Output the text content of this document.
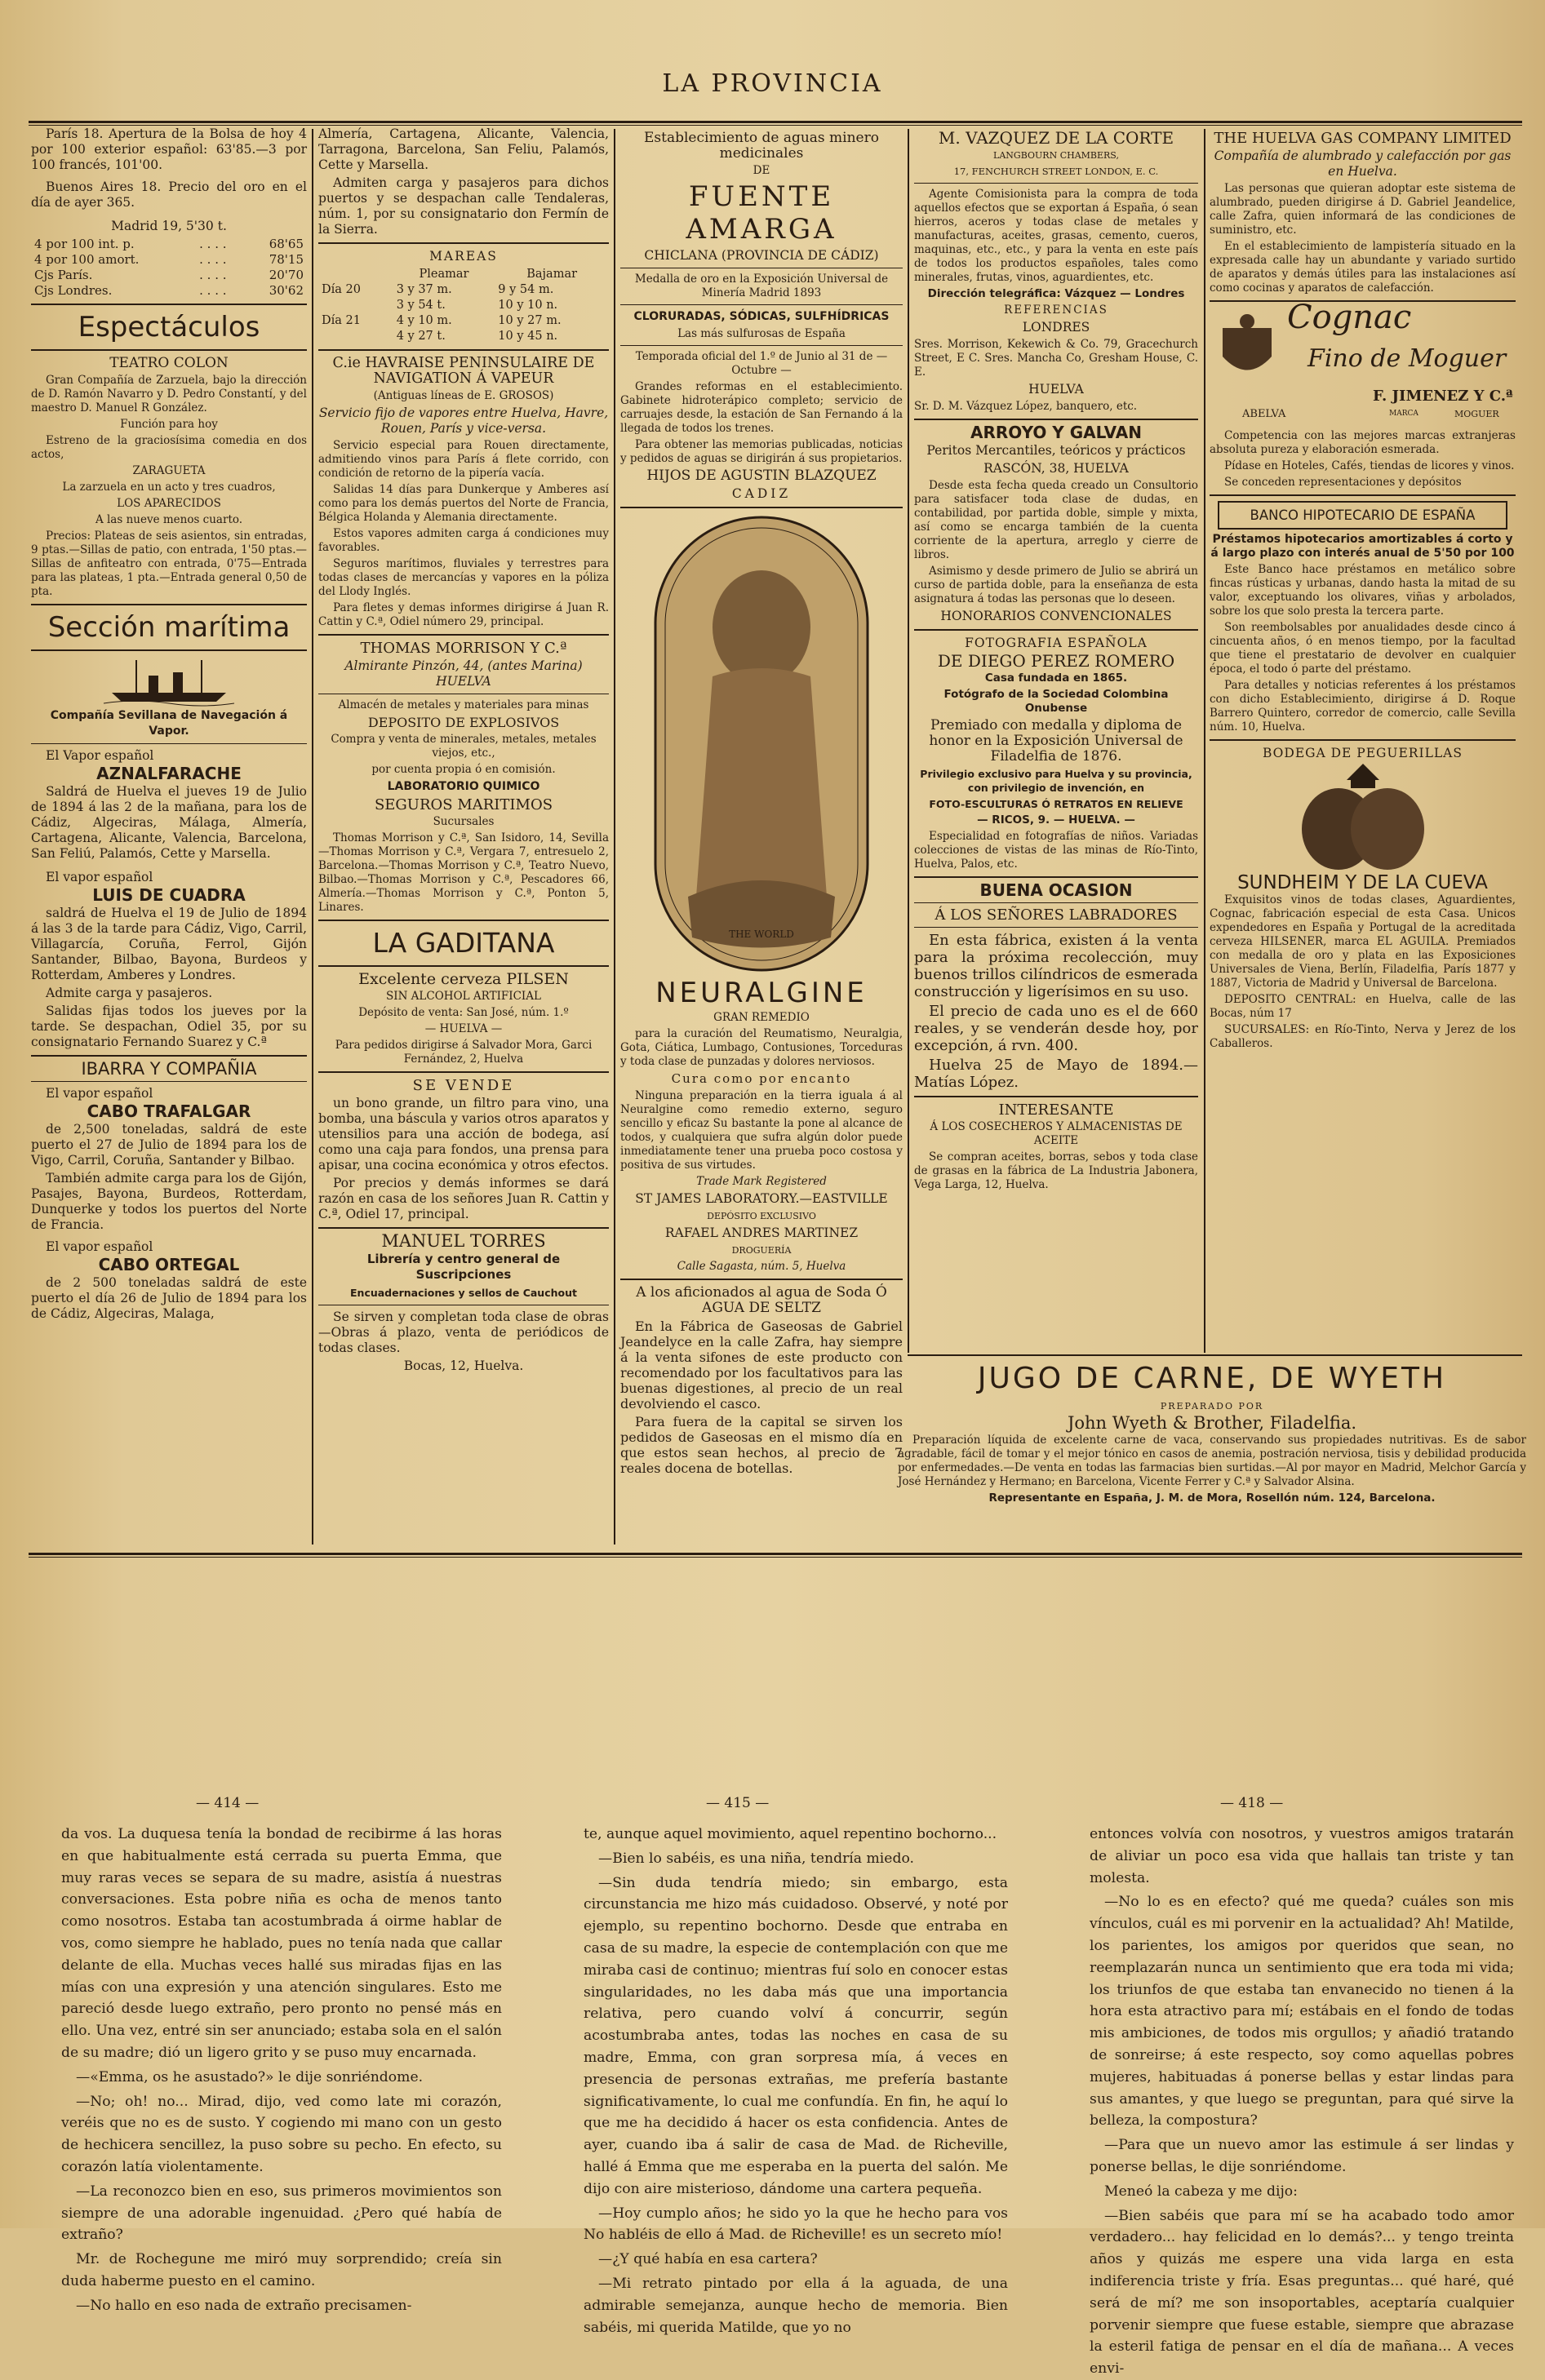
LA PROVINCIA

París 18. Apertura de la Bolsa de hoy 4 por 100 exterior español: 63'85.—3 por 100 francés, 101'00.

Buenos Aires 18. Precio del oro en el día de ayer 365.

Madrid 19, 5'30 t.

4 por 100 int. p.	. . . .	68'65
4 por 100 amort.	. . . .	78'15
Cjs París.	. . . .	20'70
Cjs Londres.	. . . .	30'62
Espectáculos

TEATRO COLON

Gran Compañía de Zarzuela, bajo la dirección de D. Ramón Navarro y D. Pedro Constantí, y del maestro D. Manuel R González.

Función para hoy

Estreno de la graciosísima comedia en dos actos,

ZARAGUETA

La zarzuela en un acto y tres cuadros,

LOS APARECIDOS

A las nueve menos cuarto.

Precios: Plateas de seis asientos, sin entradas, 9 ptas.—Sillas de patio, con entrada, 1'50 ptas.—Sillas de anfiteatro con entrada, 0'75—Entrada para las plateas, 1 pta.—Entrada general 0,50 de pta.

Sección marítima

Compañía Sevillana de Navegación á Vapor.

El Vapor español

AZNALFARACHE

Saldrá de Huelva el jueves 19 de Julio de 1894 á las 2 de la mañana, para los de Cádiz, Algeciras, Málaga, Almería, Cartagena, Alicante, Valencia, Barcelona, San Feliú, Palamós, Cette y Marsella.

El vapor español

LUIS DE CUADRA

saldrá de Huelva el 19 de Julio de 1894 á las 3 de la tarde para Cádiz, Vigo, Carril, Villagarcía, Coruña, Ferrol, Gijón Santander, Bilbao, Bayona, Burdeos y Rotterdam, Amberes y Londres.

Admite carga y pasajeros.

Salidas fijas todos los jueves por la tarde. Se despachan, Odiel 35, por su consignatario Fernando Suarez y C.ª

IBARRA Y COMPAÑIA

El vapor español

CABO TRAFALGAR

de 2,500 toneladas, saldrá de este puerto el 27 de Julio de 1894 para los de Vigo, Carril, Coruña, Santander y Bilbao.

También admite carga para los de Gijón, Pasajes, Bayona, Burdeos, Rotterdam, Dunquerke y todos los puertos del Norte de Francia.

El vapor español

CABO ORTEGAL

de 2 500 toneladas saldrá de este puerto el día 26 de Julio de 1894 para los de Cádiz, Algeciras, Malaga,

Almería, Cartagena, Alicante, Valencia, Tarragona, Barcelona, San Feliu, Palamós, Cette y Marsella.

Admiten carga y pasajeros para dichos puertos y se despachan calle Tendaleras, núm. 1, por su consignatario don Fermín de la Sierra.

MAREAS

	Pleamar	Bajamar
Día 20	3 y 37 m.	9 y 54 m.
	3 y 54 t.	10 y 10 n.
Día 21	4 y 10 m.	10 y 27 m.
	4 y 27 t.	10 y 45 n.

C.ie HAVRAISE PENINSULAIRE DE NAVIGATION Á VAPEUR

(Antiguas líneas de E. GROSOS)

Servicio fijo de vapores entre Huelva, Havre, Rouen, París y vice-versa.

Servicio especial para Rouen directamente, admitiendo vinos para París á flete corrido, con condición de retorno de la pipería vacía.

Salidas 14 días para Dunkerque y Amberes así como para los demás puertos del Norte de Francia, Bélgica Holanda y Alemania directamente.

Estos vapores admiten carga á condiciones muy favorables.

Seguros marítimos, fluviales y terrestres para todas clases de mercancías y vapores en la póliza del Llody Inglés.

Para fletes y demas informes dirigirse á Juan R. Cattin y C.ª, Odiel número 29, principal.

THOMAS MORRISON Y C.ª

Almirante Pinzón, 44, (antes Marina) HUELVA

Almacén de metales y materiales para minas

DEPOSITO DE EXPLOSIVOS

Compra y venta de minerales, metales, metales viejos, etc.,

por cuenta propia ó en comisión.

LABORATORIO QUIMICO

SEGUROS MARITIMOS

Sucursales

Thomas Morrison y C.ª, San Isidoro, 14, Sevilla—Thomas Morrison y C.ª, Vergara 7, entresuelo 2, Barcelona.—Thomas Morrison y C.ª, Teatro Nuevo, Bilbao.—Thomas Morrison y C.ª, Pescadores 66, Almería.—Thomas Morrison y C.ª, Ponton 5, Linares.

LA GADITANA

Excelente cerveza PILSEN

SIN ALCOHOL ARTIFICIAL

Depósito de venta: San José, núm. 1.º

— HUELVA —

Para pedidos dirigirse á Salvador Mora, Garci Fernández, 2, Huelva

SE VENDE

un bono grande, un filtro para vino, una bomba, una báscula y varios otros aparatos y utensilios para una acción de bodega, así como una caja para fondos, una prensa para apisar, una cocina económica y otros efectos.

Por precios y demás informes se dará razón en casa de los señores Juan R. Cattin y C.ª, Odiel 17, principal.

MANUEL TORRES

Librería y centro general de Suscripciones

Encuadernaciones y sellos de Cauchout

Se sirven y completan toda clase de obras —Obras á plazo, venta de periódicos de todas clases.

Bocas, 12, Huelva.

Establecimiento de aguas minero medicinales

DE

FUENTE AMARGA

CHICLANA (PROVINCIA DE CÁDIZ)

Medalla de oro en la Exposición Universal de Minería Madrid 1893

CLORURADAS, SÓDICAS, SULFHÍDRICAS

Las más sulfurosas de España

Temporada oficial del 1.º de Junio al 31 de — Octubre —

Grandes reformas en el establecimiento. Gabinete hidroterápico completo; servicio de carruajes desde, la estación de San Fernando á la llegada de todos los trenes.

Para obtener las memorias publicadas, noticias y pedidos de aguas se dirigirán á sus propietarios.

HIJOS DE AGUSTIN BLAZQUEZ

CADIZ

THE WORLD

NEURALGINE

GRAN REMEDIO

para la curación del Reumatismo, Neuralgia, Gota, Ciática, Lumbago, Contusiones, Torceduras y toda clase de punzadas y dolores nerviosos.

Cura como por encanto

Ninguna preparación en la tierra iguala á al Neuralgine como remedio externo, seguro sencillo y eficaz Su bastante la pone al alcance de todos, y cualquiera que sufra algún dolor puede inmediatamente tener una prueba poco costosa y positiva de sus virtudes.

Trade Mark Registered

ST JAMES LABORATORY.—EASTVILLE

DEPÓSITO EXCLUSIVO

RAFAEL ANDRES MARTINEZ

DROGUERÍA

Calle Sagasta, núm. 5, Huelva

A los aficionados al agua de Soda Ó AGUA DE SELTZ

En la Fábrica de Gaseosas de Gabriel Jeandelyce en la calle Zafra, hay siempre á la venta sifones de este producto con recomendado por los facultativos para las buenas digestiones, al precio de un real devolviendo el casco.

Para fuera de la capital se sirven los pedidos de Gaseosas en el mismo día en que estos sean hechos, al precio de 7 reales docena de botellas.

M. VAZQUEZ DE LA CORTE

LANGBOURN CHAMBERS,

17, FENCHURCH STREET LONDON, E. C.

Agente Comisionista para la compra de toda aquellos efectos que se exportan á España, ó sean hierros, aceros y todas clase de metales y manufacturas, aceites, grasas, cemento, cueros, maquinas, etc., etc., y para la venta en este país de todos los productos españoles, tales como minerales, frutas, vinos, aguardientes, etc.

Dirección telegráfica: Vázquez — Londres

REFERENCIAS

LONDRES

Sres. Morrison, Kekewich & Co. 79, Gracechurch Street, E C. Sres. Mancha Co, Gresham House, C. E.

HUELVA

Sr. D. M. Vázquez López, banquero, etc.

ARROYO Y GALVAN

Peritos Mercantiles, teóricos y prácticos

RASCÓN, 38, HUELVA

Desde esta fecha queda creado un Consultorio para satisfacer toda clase de dudas, en contabilidad, por partida doble, simple y mixta, así como se encarga también de la cuenta corriente de la apertura, arreglo y cierre de libros.

Asimismo y desde primero de Julio se abrirá un curso de partida doble, para la enseñanza de esta asignatura á todas las personas que lo deseen.

HONORARIOS CONVENCIONALES

FOTOGRAFIA ESPAÑOLA

DE DIEGO PEREZ ROMERO

Casa fundada en 1865.

Fotógrafo de la Sociedad Colombina Onubense

Premiado con medalla y diploma de honor en la Exposición Universal de Filadelfia de 1876.

Privilegio exclusivo para Huelva y su provincia, con privilegio de invención, en

FOTO-ESCULTURAS Ó RETRATOS EN RELIEVE

— RICOS, 9. — HUELVA. —

Especialidad en fotografías de niños. Variadas colecciones de vistas de las minas de Río-Tinto, Huelva, Palos, etc.

BUENA OCASION

Á LOS SEÑORES LABRADORES

En esta fábrica, existen á la venta para la próxima recolección, muy buenos trillos cilíndricos de esmerada construcción y ligerísimos en su uso.

El precio de cada uno es el de 660 reales, y se venderán desde hoy, por excepción, á rvn. 400.

Huelva 25 de Mayo de 1894.—Matías López.

INTERESANTE

Á LOS COSECHEROS Y ALMACENISTAS DE ACEITE

Se compran aceites, borras, sebos y toda clase de grasas en la fábrica de La Industria Jabonera, Vega Larga, 12, Huelva.

THE HUELVA GAS COMPANY LIMITED

Compañía de alumbrado y calefacción por gas en Huelva.

Las personas que quieran adoptar este sistema de alumbrado, pueden dirigirse á D. Gabriel Jeandelice, calle Zafra, quien informará de las condiciones de suministro, etc.

En el establecimiento de lampistería situado en la expresada calle hay un abundante y variado surtido de aparatos y demás útiles para las instalaciones así como cocinas y aparatos de calefacción.

Cognac
Fino de Moguer
F. JIMENEZ Y C.ª
MARCA
ABELVA	MOGUER

Competencia con las mejores marcas extranjeras absoluta pureza y elaboración esmerada.

Pídase en Hoteles, Cafés, tiendas de licores y vinos.

Se conceden representaciones y depósitos

BANCO HIPOTECARIO DE ESPAÑA

Préstamos hipotecarios amortizables á corto y á largo plazo con interés anual de 5'50 por 100

Este Banco hace préstamos en metálico sobre fincas rústicas y urbanas, dando hasta la mitad de su valor, exceptuando los olivares, viñas y arbolados, sobre los que solo presta la tercera parte.

Son reembolsables por anualidades desde cinco á cincuenta años, ó en menos tiempo, por la facultad que tiene el prestatario de devolver en cualquier época, el todo ó parte del préstamo.

Para detalles y noticias referentes á los préstamos con dicho Establecimiento, dirigirse á D. Roque Barrero Quintero, corredor de comercio, calle Sevilla núm. 10, Huelva.

BODEGA DE PEGUERILLAS

SUNDHEIM Y DE LA CUEVA

Exquisitos vinos de todas clases, Aguardientes, Cognac, fabricación especial de esta Casa. Unicos expendedores en España y Portugal de la acreditada cerveza HILSENER, marca EL AGUILA. Premiados con medalla de oro y plata en las Exposiciones Universales de Viena, Berlín, Filadelfia, París 1877 y 1887, Victoria de Madrid y Universal de Barcelona.

DEPOSITO CENTRAL: en Huelva, calle de las Bocas, núm 17

SUCURSALES: en Río-Tinto, Nerva y Jerez de los Caballeros.

JUGO DE CARNE, DE WYETH

PREPARADO POR

John Wyeth & Brother, Filadelfia.

Preparación líquida de excelente carne de vaca, conservando sus propiedades nutritivas. Es de sabor agradable, fácil de tomar y el mejor tónico en casos de anemia, postración nerviosa, tisis y debilidad producida por enfermedades.—De venta en todas las farmacias bien surtidas.—Al por mayor en Madrid, Melchor García y José Hernández y Hermano; en Barcelona, Vicente Ferrer y C.ª y Salvador Alsina.

Representante en España, J. M. de Mora, Rosellón núm. 124, Barcelona.

— 414 —	— 415 —	— 418 —

da vos. La duquesa tenía la bondad de recibirme á las horas en que habitualmente está cerrada su puerta Emma, que muy raras veces se separa de su madre, asistía á nuestras conversaciones. Esta pobre niña es ocha de menos tanto como nosotros. Estaba tan acostumbrada á oirme hablar de vos, como siempre he hablado, pues no tenía nada que callar delante de ella. Muchas veces hallé sus miradas fijas en las mías con una expresión y una atención singulares. Esto me pareció desde luego extraño, pero pronto no pensé más en ello. Una vez, entré sin ser anunciado; estaba sola en el salón de su madre; dió un ligero grito y se puso muy encarnada.

—«Emma, os he asustado?» le dije sonriéndome.

—No; oh! no... Mirad, dijo, ved como late mi corazón, veréis que no es de susto. Y cogiendo mi mano con un gesto de hechicera sencillez, la puso sobre su pecho. En efecto, su corazón latía violentamente.

—La reconozco bien en eso, sus primeros movimientos son siempre de una adorable ingenuidad. ¿Pero qué había de extraño?

Mr. de Rochegune me miró muy sorprendido; creía sin duda haberme puesto en el camino.

—No hallo en eso nada de extraño precisamen-

te, aunque aquel movimiento, aquel repentino bochorno...

—Bien lo sabéis, es una niña, tendría miedo.

—Sin duda tendría miedo; sin embargo, esta circunstancia me hizo más cuidadoso. Observé, y noté por ejemplo, su repentino bochorno. Desde que entraba en casa de su madre, la especie de contemplación con que me miraba casi de continuo; mientras fuí solo en conocer estas singularidades, no les daba más que una importancia relativa, pero cuando volví á concurrir, según acostumbraba antes, todas las noches en casa de su madre, Emma, con gran sorpresa mía, á veces en presencia de personas extrañas, me prefería bastante significativamente, lo cual me confundía. En fin, he aquí lo que me ha decidido á hacer os esta confidencia. Antes de ayer, cuando iba á salir de casa de Mad. de Richeville, hallé á Emma que me esperaba en la puerta del salón. Me dijo con aire misterioso, dándome una cartera pequeña.

—Hoy cumplo años; he sido yo la que he hecho para vos No habléis de ello á Mad. de Richeville! es un secreto mío!

—¿Y qué había en esa cartera?

—Mi retrato pintado por ella á la aguada, de una admirable semejanza, aunque hecho de memoria. Bien sabéis, mi querida Matilde, que yo no

entonces volvía con nosotros, y vuestros amigos tratarán de aliviar un poco esa vida que hallais tan triste y tan molesta.

—No lo es en efecto? qué me queda? cuáles son mis vínculos, cuál es mi porvenir en la actualidad? Ah! Matilde, los parientes, los amigos por queridos que sean, no reemplazarán nunca un sentimiento que era toda mi vida; los triunfos de que estaba tan envanecido no tienen á la hora esta atractivo para mí; estábais en el fondo de todas mis ambiciones, de todos mis orgullos; y añadió tratando de sonreirse; á este respecto, soy como aquellas pobres mujeres, habituadas á ponerse bellas y estar lindas para sus amantes, y que luego se preguntan, para qué sirve la belleza, la compostura?

—Para que un nuevo amor las estimule á ser lindas y ponerse bellas, le dije sonriéndome.

Meneó la cabeza y me dijo:

—Bien sabéis que para mí se ha acabado todo amor verdadero... hay felicidad en lo demás?... y tengo treinta años y quizás me espere una vida larga en esta indiferencia triste y fría. Esas preguntas... qué haré, qué será de mí? me son insoportables, aceptaría cualquier porvenir siempre que fuese estable, siempre que abrazase la esteril fatiga de pensar en el día de mañana... A veces envi-
